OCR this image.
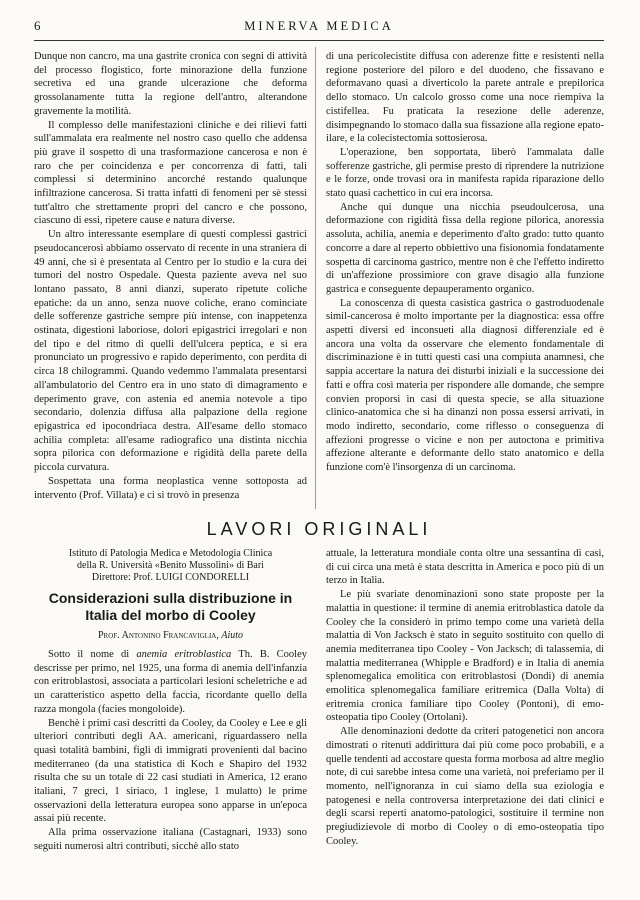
6	MINERVA MEDICA

Dunque non cancro, ma una gastrite cronica con segni di attività del processo flogistico, forte minorazione della funzione secretiva ed una grande ulcerazione che deforma grossolanamente tutta la regione dell'antro, alterandone gravemente la motilità.

Il complesso delle manifestazioni cliniche e dei rilievi fatti sull'ammalata era realmente nel nostro caso quello che addensa più grave il sospetto di una trasformazione cancerosa e non è raro che per coincidenza e per concorrenza di fatti, tali complessi si determinino ancorché restando qualunque infiltrazione cancerosa. Si tratta infatti di fenomeni per sè stessi tutt'altro che strettamente propri del cancro e che possono, ciascuno di essi, ripetere cause e natura diverse.

Un altro interessante esemplare di questi complessi gastrici pseudocancerosi abbiamo osservato di recente in una straniera di 49 anni, che si è presentata al Centro per lo studio e la cura dei tumori del nostro Ospedale. Questa paziente aveva nel suo lontano passato, 8 anni dianzi, superato ripetute coliche epatiche: da un anno, senza nuove coliche, erano cominciate delle sofferenze gastriche sempre più intense, con inappetenza ostinata, digestioni laboriose, dolori epigastrici irregolari e non del tipo e del ritmo di quelli dell'ulcera peptica, e si era pronunciato un progressivo e rapido deperimento, con perdita di circa 18 chilogrammi. Quando vedemmo l'ammalata presentarsi all'ambulatorio del Centro era in uno stato di dimagramento e deperimento grave, con astenia ed anemia notevole a tipo secondario, dolenzia diffusa alla palpazione della regione epigastrica ed ipocondriaca destra. All'esame dello stomaco achilia completa: all'esame radiografico una distinta nicchia sopra pilorica con deformazione e rigidità della parete della piccola curvatura.

Sospettata una forma neoplastica venne sottoposta ad intervento (Prof. Villata) e ci si trovò in presenza

di una pericolecistite diffusa con aderenze fitte e resistenti nella regione posteriore del piloro e del duodeno, che fissavano e deformavano quasi a diverticolo la parete antrale e prepilorica dello stomaco. Un calcolo grosso come una noce riempiva la cistifellea. Fu praticata la resezione delle aderenze, disimpegnando lo stomaco dalla sua fissazione alla regione epato-ilare, e la colecistectomia sottosierosa.

L'operazione, ben sopportata, liberò l'ammalata dalle sofferenze gastriche, gli permise presto di riprendere la nutrizione e le forze, onde trovasi ora in manifesta rapida riparazione dello stato quasi cachettico in cui era incorsa.

Anche qui dunque una nicchia pseudoulcerosa, una deformazione con rigidità fissa della regione pilorica, anoressia assoluta, achilia, anemia e deperimento d'alto grado: tutto quanto concorre a dare al reperto obbiettivo una fisionomia fondatamente sospetta di carcinoma gastrico, mentre non è che l'effetto indiretto di un'affezione prossimiore con grave disagio alla funzione gastrica e conseguente depauperamento organico.

La conoscenza di questa casistica gastrica o gastroduodenale simil-cancerosa è molto importante per la diagnostica: essa offre aspetti diversi ed inconsueti alla diagnosi differenziale ed è ancora una volta da osservare che elemento fondamentale di discriminazione è in tutti questi casi una compiuta anamnesi, che sappia accertare la natura dei disturbi iniziali e la successione dei fatti e offra così materia per rispondere alle domande, che sempre convien proporsi in casi di questa specie, se alla situazione clinico-anatomica che si ha dinanzi non possa essersi arrivati, in modo indiretto, secondario, come riflesso o conseguenza di affezioni progresse o vicine e non per autoctona e primitiva affezione alterante e deformante dello stato anatomico e della funzione com'è l'insorgenza di un carcinoma.

LAVORI ORIGINALI
Istituto di Patologia Medica e Metodologia Clinica
della R. Università «Benito Mussolini» di Bari
Direttore: Prof. LUIGI CONDORELLI
Considerazioni sulla distribuzione in Italia del morbo di Cooley
Prof. Antonino Francaviglia, Aiuto

Sotto il nome di anemia eritroblastica Th. B. Cooley descrisse per primo, nel 1925, una forma di anemia dell'infanzia con eritroblastosi, associata a particolari lesioni scheletriche e ad un caratteristico aspetto della faccia, ricordante quello della razza mongola (facies mongoloide).

Benchè i primi casi descritti da Cooley, da Cooley e Lee e gli ulteriori contributi degli AA. americani, riguardassero nella quasi totalità bambini, figli di immigrati provenienti dal bacino mediterraneo (da una statistica di Koch e Shapiro del 1932 risulta che su un totale di 22 casi studiati in America, 12 erano italiani, 7 greci, 1 siriaco, 1 inglese, 1 mulatto) le prime osservazioni della letteratura europea sono apparse in un'epoca assai più recente.

Alla prima osservazione italiana (Castagnari, 1933) sono seguiti numerosi altri contributi, sicchè allo stato

attuale, la letteratura mondiale conta oltre una sessantina di casi, di cui circa una metà è stata descritta in America e poco più di un terzo in Italia.

Le più svariate denominazioni sono state proposte per la malattia in questione: il termine di anemia eritroblastica datole da Cooley che la considerò in primo tempo come una varietà della malattia di Von Jacksch è stato in seguito sostituito con quello di anemia mediterranea tipo Cooley - Von Jacksch; di talassemia, di malattia mediterranea (Whipple e Bradford) e in Italia di anemia splenomegalica emolitica con eritroblastosi (Dondi) di anemia emolitica splenomegalica familiare eritremica (Dalla Volta) di eritremia cronica familiare tipo Cooley (Pontoni), di emo-osteopatia tipo Cooley (Ortolani).

Alle denominazioni dedotte da criteri patogenetici non ancora dimostrati o ritenuti addirittura dai più come poco probabili, e a quelle tendenti ad accostare questa forma morbosa ad altre meglio note, di cui sarebbe intesa come una varietà, noi preferiamo per il momento, nell'ignoranza in cui siamo della sua eziologia e patogenesi e nella controversa interpretazione dei dati clinici e degli scarsi reperti anatomo-patologici, sostituire il termine non pregiudizievole di morbo di Cooley o di emo-osteopatia tipo Cooley.
